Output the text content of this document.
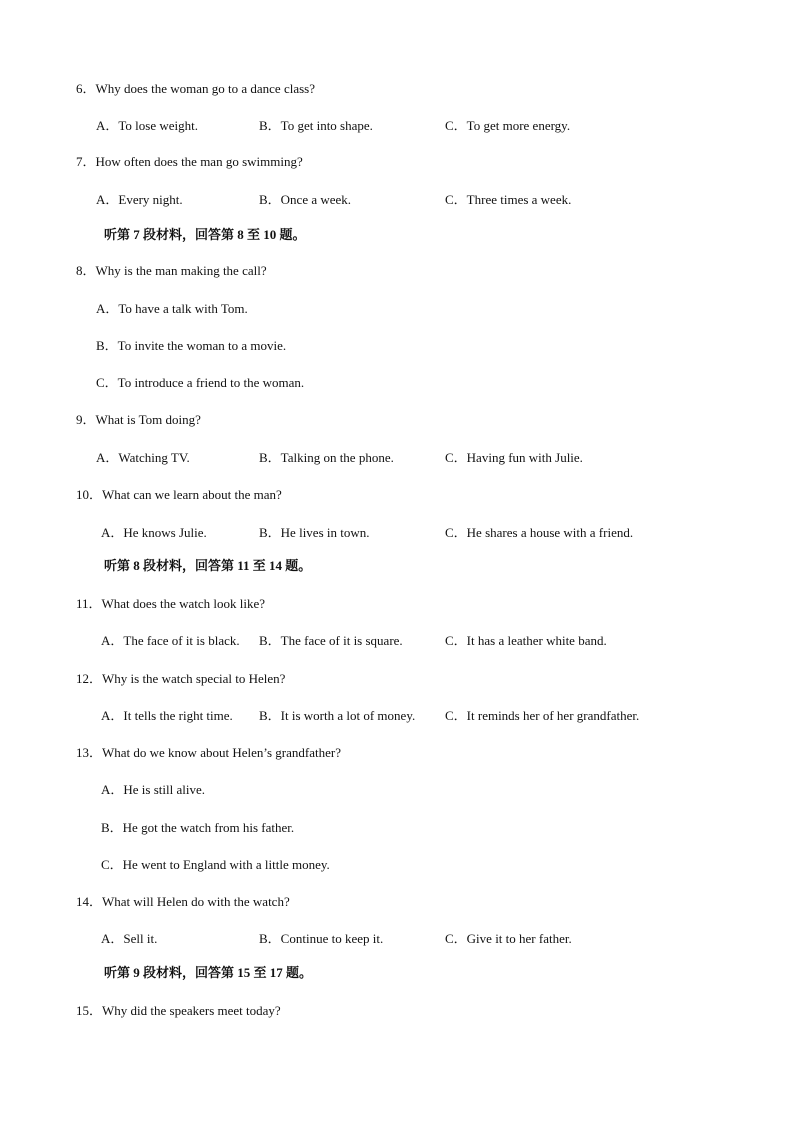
6．Why does the woman go to a dance class?
A．To lose weight.	B．To get into shape.	C．To get more energy.
7．How often does the man go swimming?
A．Every night.	B．Once a week.	C．Three times a week.
听第 7 段材料，回答第 8 至 10 题。
8．Why is the man making the call?
A．To have a talk with Tom.
B．To invite the woman to a movie.
C．To introduce a friend to the woman.
9．What is Tom doing?
A．Watching TV.	B．Talking on the phone.	C．Having fun with Julie.
10．What can we learn about the man?
A．He knows Julie.	B．He lives in town.	C．He shares a house with a friend.
听第 8 段材料，回答第 11 至 14 题。
11．What does the watch look like?
A．The face of it is black. B．The face of it is square.	C．It has a leather white band.
12．Why is the watch special to Helen?
A．It tells the right time. B．It is worth a lot of money. C．It reminds her of her grandfather.
13．What do we know about Helen’s grandfather?
A．He is still alive.
B．He got the watch from his father.
C．He went to England with a little money.
14．What will Helen do with the watch?
A．Sell it.	B．Continue to keep it.	C．Give it to her father.
听第 9 段材料，回答第 15 至 17 题。
15．Why did the speakers meet today?
